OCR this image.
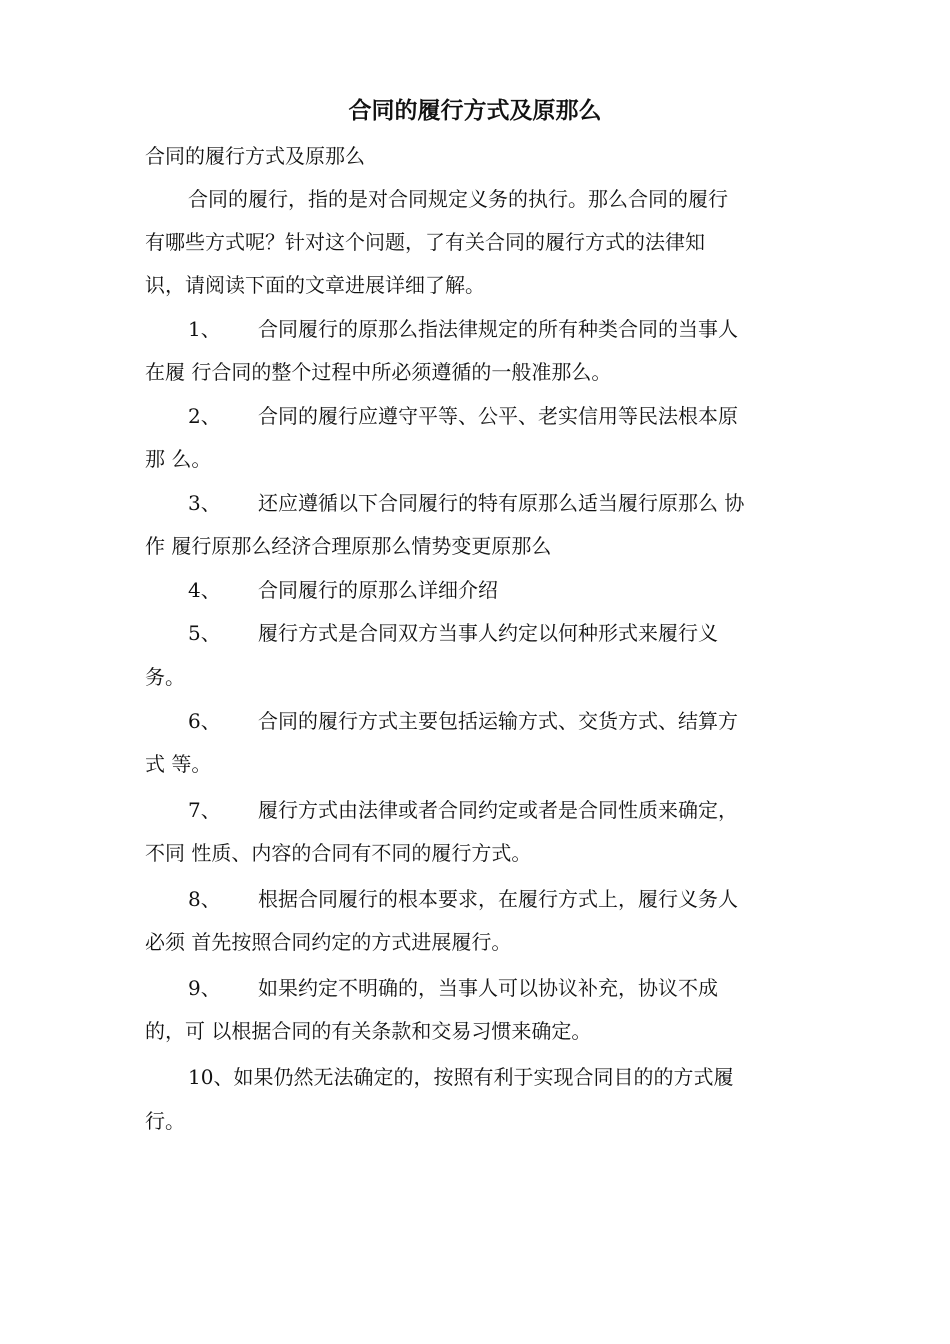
合同的履行方式及原那么
合同的履行方式及原那么
合同的履行，指的是对合同规定义务的执行。那么合同的履行
有哪些方式呢？针对这个问题，了有关合同的履行方式的法律知
识，请阅读下面的文章进展详细了解。
1、 合同履行的原那么指法律规定的所有种类合同的当事人
在履 行合同的整个过程中所必须遵循的一般准那么。
2、 合同的履行应遵守平等、公平、老实信用等民法根本原
那 么。
3、 还应遵循以下合同履行的特有原那么适当履行原那么 协
作 履行原那么经济合理原那么情势变更原那么
4、 合同履行的原那么详细介绍
5、 履行方式是合同双方当事人约定以何种形式来履行义
务。
6、 合同的履行方式主要包括运输方式、交货方式、结算方
式 等。
7、 履行方式由法律或者合同约定或者是合同性质来确定，
不同 性质、内容的合同有不同的履行方式。
8、 根据合同履行的根本要求，在履行方式上，履行义务人
必须 首先按照合同约定的方式进展履行。
9、 如果约定不明确的，当事人可以协议补充，协议不成
的，可 以根据合同的有关条款和交易习惯来确定。
10、如果仍然无法确定的，按照有利于实现合同目的的方式履
行。
